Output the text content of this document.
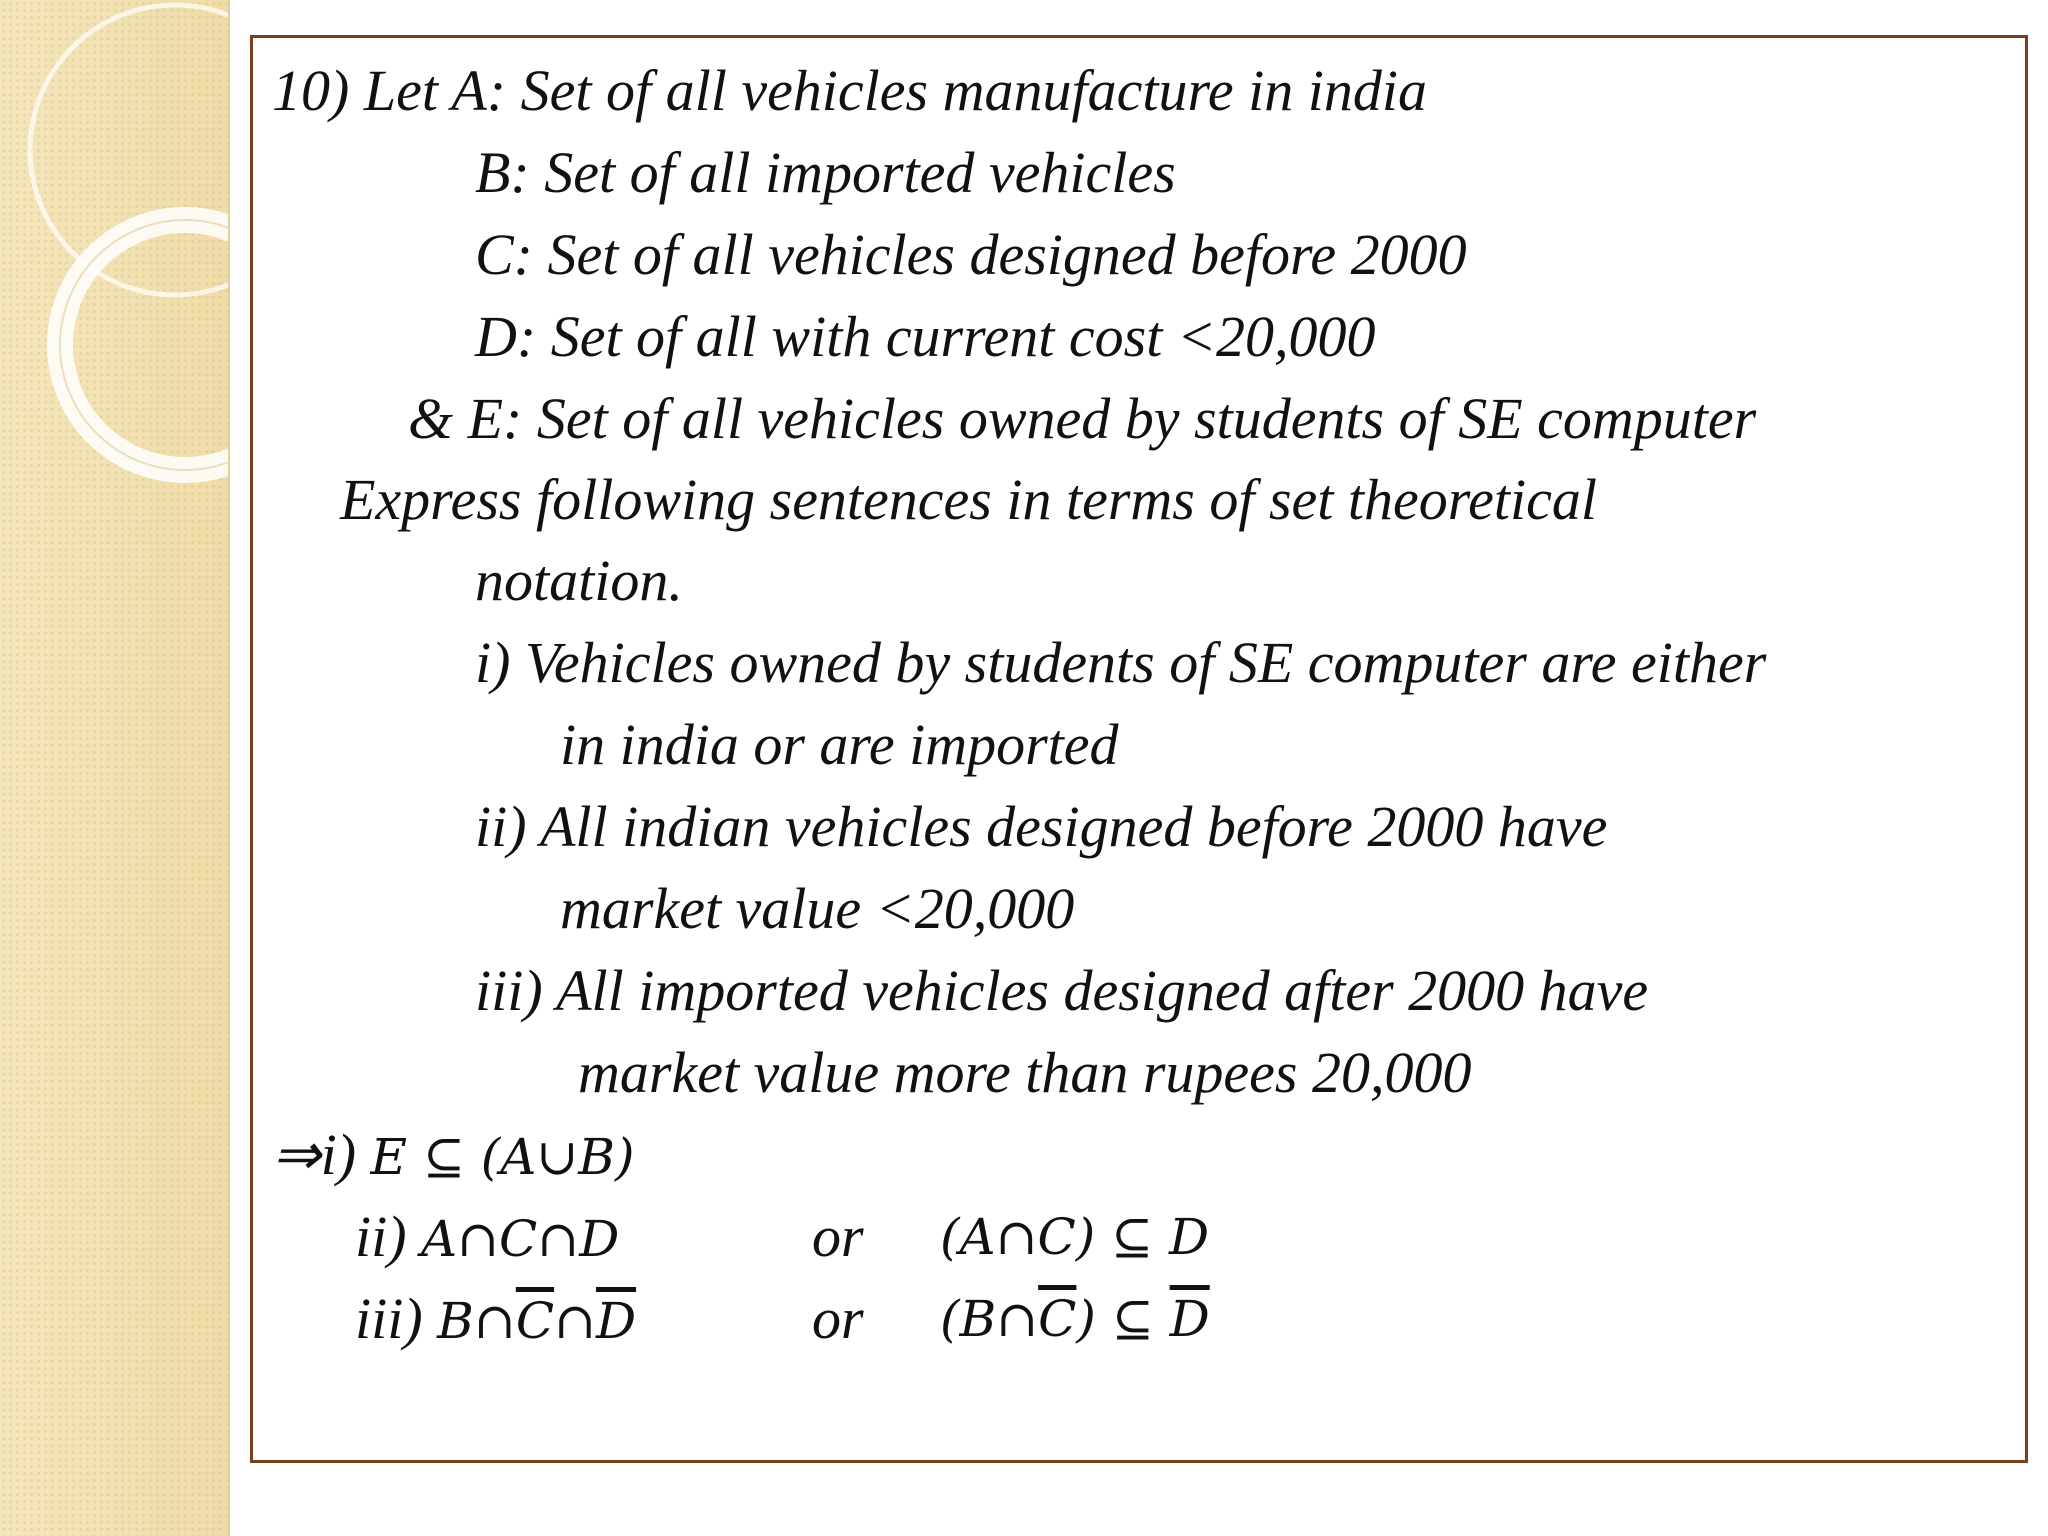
10) Let A: Set of all vehicles manufacture in india
B: Set of all imported vehicles
C: Set of all vehicles designed before 2000
D: Set of all with current cost <20,000
& E: Set of all vehicles owned by students of SE computer
Express following sentences in terms of set theoretical
notation.
i) Vehicles owned by students of SE computer are either
in india or are imported
ii) All indian vehicles designed before 2000 have
market value <20,000
iii) All imported vehicles designed after 2000 have
market value more than rupees 20,000
⇒i) E ⊆ (A∪B)
ii) A∩C∩D	or (A∩C) ⊆ D
iii) $B\cap\overline{C}\cap\overline{D}$	or $(B\cap\overline{C})$ ⊆ $\overline{D}$
